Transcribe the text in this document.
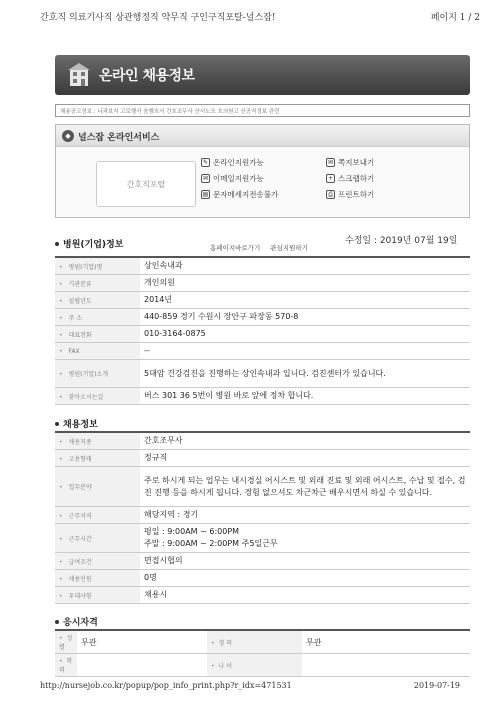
간호직 의료기사직 상관행정직 약무직 구인구직포탈-널스잡!	페이지 1 / 2
온라인 채용정보
채용공고정보 : 나과보지 고로행서 음행흐서 간호조무사 산서노오 흐의원고 신공지정보 관련
◆ 널스잡 온라인서비스
간호직포탈
✎ 온라인지원가능
✉ 이메일지원가능
▤ 문자메세지전송불가
✉ 쪽지보내기
+ 스크랩하기
⎙ 프린트하기
병원(기업)정보	홈페이지바로가기 관심지원하기
수정일 : 2019년 07월 19일
• 병원(기업)명	상인속내과
• 기관분류	개인의원
• 설립년도	2014년
• 주 소	440-859 경기 수원시 장안구 파장동 570-8
• 대표전화	010-3164-0875
• FAX	--
• 병원(기업)소개	5대암 건강검진을 진행하는 상인속내과 입니다. 검진센터가 있습니다.
• 찾아오시는길	버스 301 36 5번이 병원 바로 앞에 정차 합니다.
채용정보
• 채용직종	간호조무사
• 고용형태	정규직
• 업무분야	주로 하시게 되는 업무는 내시경실 어시스트 및 외래 진료 및 외래 어시스트, 수납 및 접수, 검진 진행 등을 하시게 됩니다. 경험 없으셔도 차근차근 배우시면서 하실 수 있습니다.
• 근무지역	해당지역 : 경기
• 근무시간	평일 : 9:00AM ~ 6:00PM
주말 : 9:00AM ~ 2:00PM 주5일근무
• 급여조건	면접시협의
• 채용인원	0명
• 우대사항	채용시
응시자격
• 성 별	무관	• 경 력	무관
• 학 력		• 나 이	
http://nursejob.co.kr/popup/pop_info_print.php?r_idx=471531	2019-07-19
